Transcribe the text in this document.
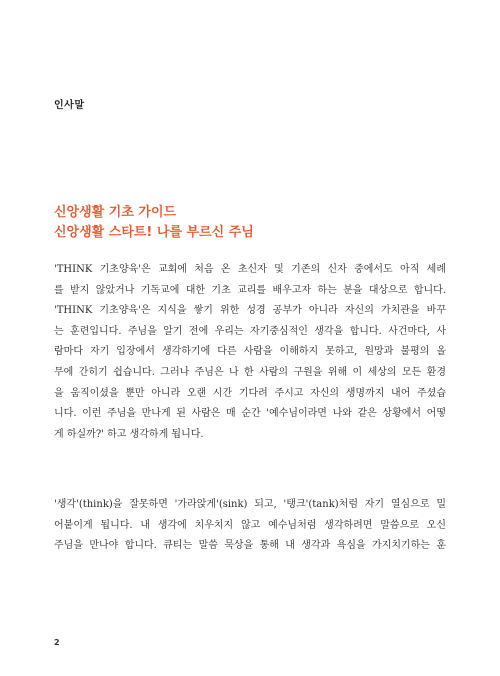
인사말
신앙생활 기초 가이드
신앙생활 스타트! 나를 부르신 주님
'THINK 기초양육'은 교회에 처음 온 초신자 및 기존의 신자 중에서도 아직 세례
를 받지 않았거나 기독교에 대한 기초 교리를 배우고자 하는 분을 대상으로 합니다.
'THINK 기초양육'은 지식을 쌓기 위한 성경 공부가 아니라 자신의 가치관을 바꾸
는 훈련입니다. 주님을 알기 전에 우리는 자기중심적인 생각을 합니다. 사건마다, 사
람마다 자기 입장에서 생각하기에 다른 사람을 이해하지 못하고, 원망과 불평의 올
무에 간히기 쉽습니다. 그러나 주님은 나 한 사람의 구원을 위해 이 세상의 모든 환경
을 움직이셨을 뿐만 아니라 오랜 시간 기다려 주시고 자신의 생명까지 내어 주셨습
니다. 이런 주님을 만나게 된 사람은 매 순간 '예수님이라면 나와 같은 상황에서 어떻
게 하실까?' 하고 생각하게 됩니다.
'생각'(think)을 잘못하면 '가라앉게'(sink) 되고, '탱크'(tank)처럼 자기 열심으로 밀
어붙이게 됩니다. 내 생각에 치우치지 않고 예수님처럼 생각하려면 말씀으로 오신
주님을 만나야 합니다. 큐티는 말씀 묵상을 통해 내 생각과 욕심을 가지치기하는 훈
2
